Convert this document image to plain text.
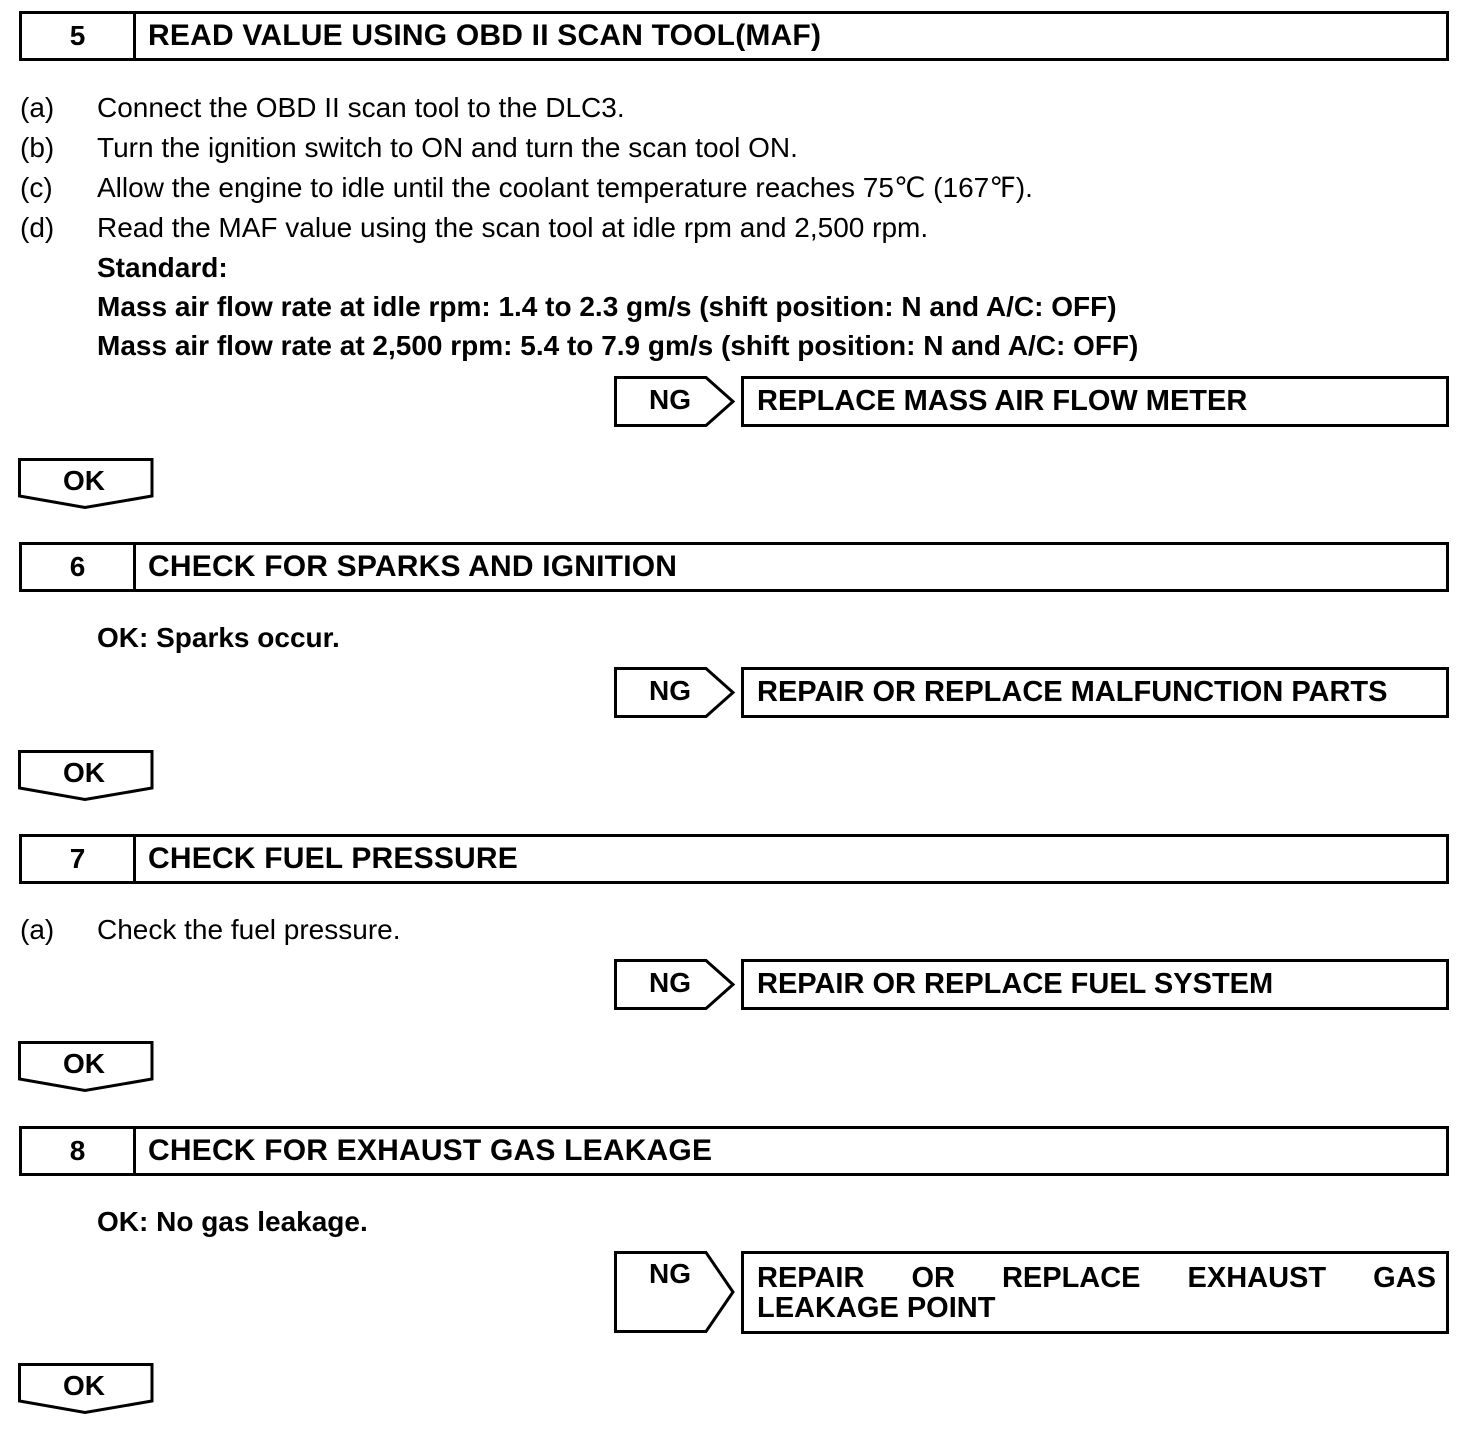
5	READ VALUE USING OBD II SCAN TOOL(MAF)
(a) Connect the OBD II scan tool to the DLC3.
(b) Turn the ignition switch to ON and turn the scan tool ON.
(c) Allow the engine to idle until the coolant temperature reaches 75℃ (167℉).
(d) Read the MAF value using the scan tool at idle rpm and 2,500 rpm.
Standard:
Mass air flow rate at idle rpm: 1.4 to 2.3 gm/s (shift position: N and A/C: OFF)
Mass air flow rate at 2,500 rpm: 5.4 to 7.9 gm/s (shift position: N and A/C: OFF)
NG	REPLACE MASS AIR FLOW METER
OK
6	CHECK FOR SPARKS AND IGNITION
OK: Sparks occur.
NG	REPAIR OR REPLACE MALFUNCTION PARTS
OK
7	CHECK FUEL PRESSURE
(a) Check the fuel pressure.
NG	REPAIR OR REPLACE FUEL SYSTEM
OK
8	CHECK FOR EXHAUST GAS LEAKAGE
OK: No gas leakage.
NG	REPAIR OR REPLACE EXHAUST GAS
LEAKAGE POINT
OK
